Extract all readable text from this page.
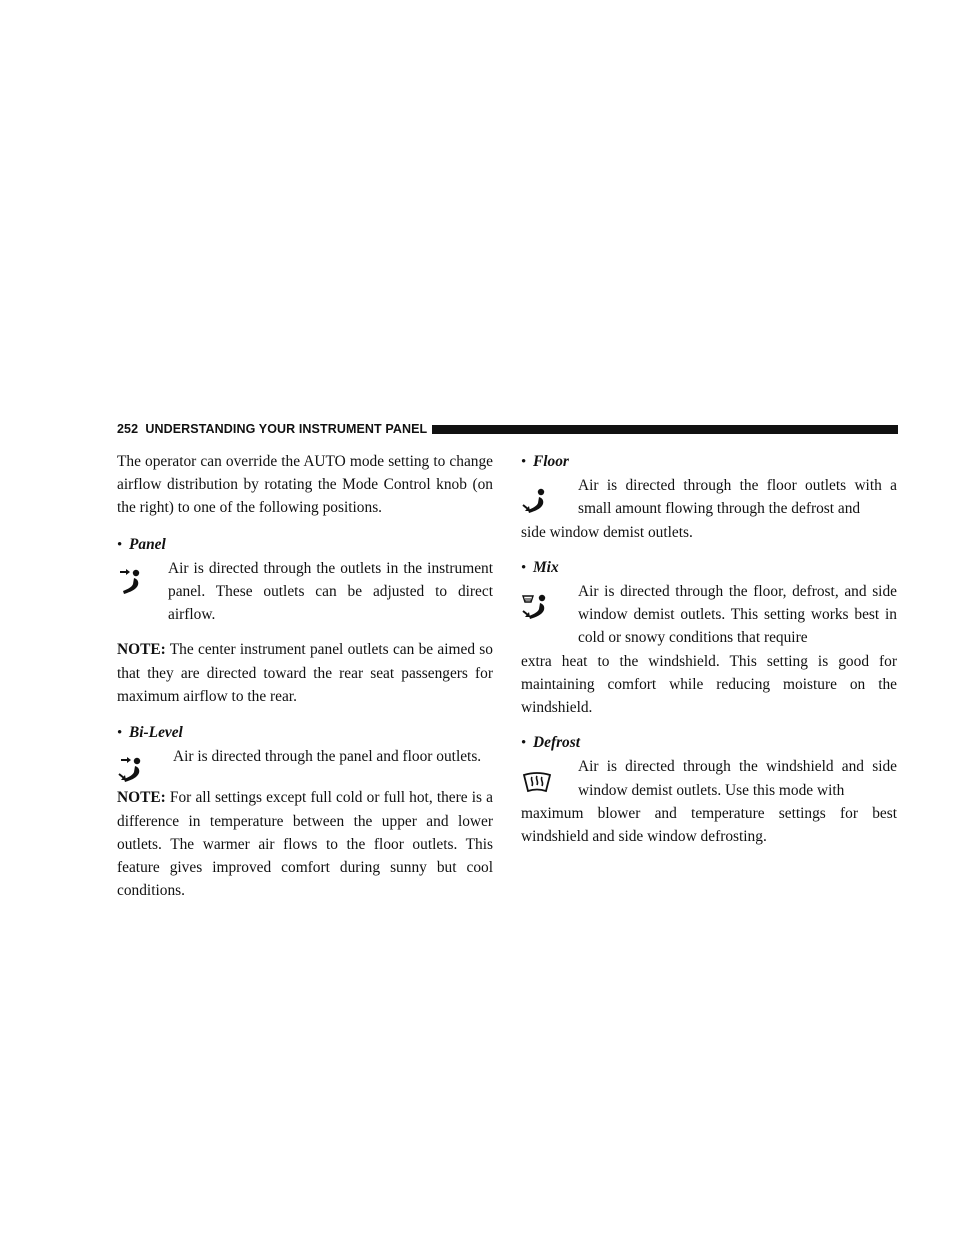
252
UNDERSTANDING YOUR INSTRUMENT PANEL

The operator can override the AUTO mode setting to change airflow distribution by rotating the Mode Control knob (on the right) to one of the following positions.

• Panel

Air is directed through the outlets in the instrument panel. These outlets can be adjusted to direct airflow.

NOTE: The center instrument panel outlets can be aimed so that they are directed toward the rear seat passengers for maximum airflow to the rear.

• Bi-Level

Air is directed through the panel and floor outlets.

NOTE: For all settings except full cold or full hot, there is a difference in temperature between the upper and lower outlets. The warmer air flows to the floor outlets. This feature gives improved comfort during sunny but cool conditions.

• Floor

Air is directed through the floor outlets with a small amount flowing through the defrost and

side window demist outlets.

• Mix

Air is directed through the floor, defrost, and side window demist outlets. This setting works best in cold or snowy conditions that require

extra heat to the windshield. This setting is good for maintaining comfort while reducing moisture on the windshield.

• Defrost

Air is directed through the windshield and side window demist outlets. Use this mode with

maximum blower and temperature settings for best windshield and side window defrosting.
